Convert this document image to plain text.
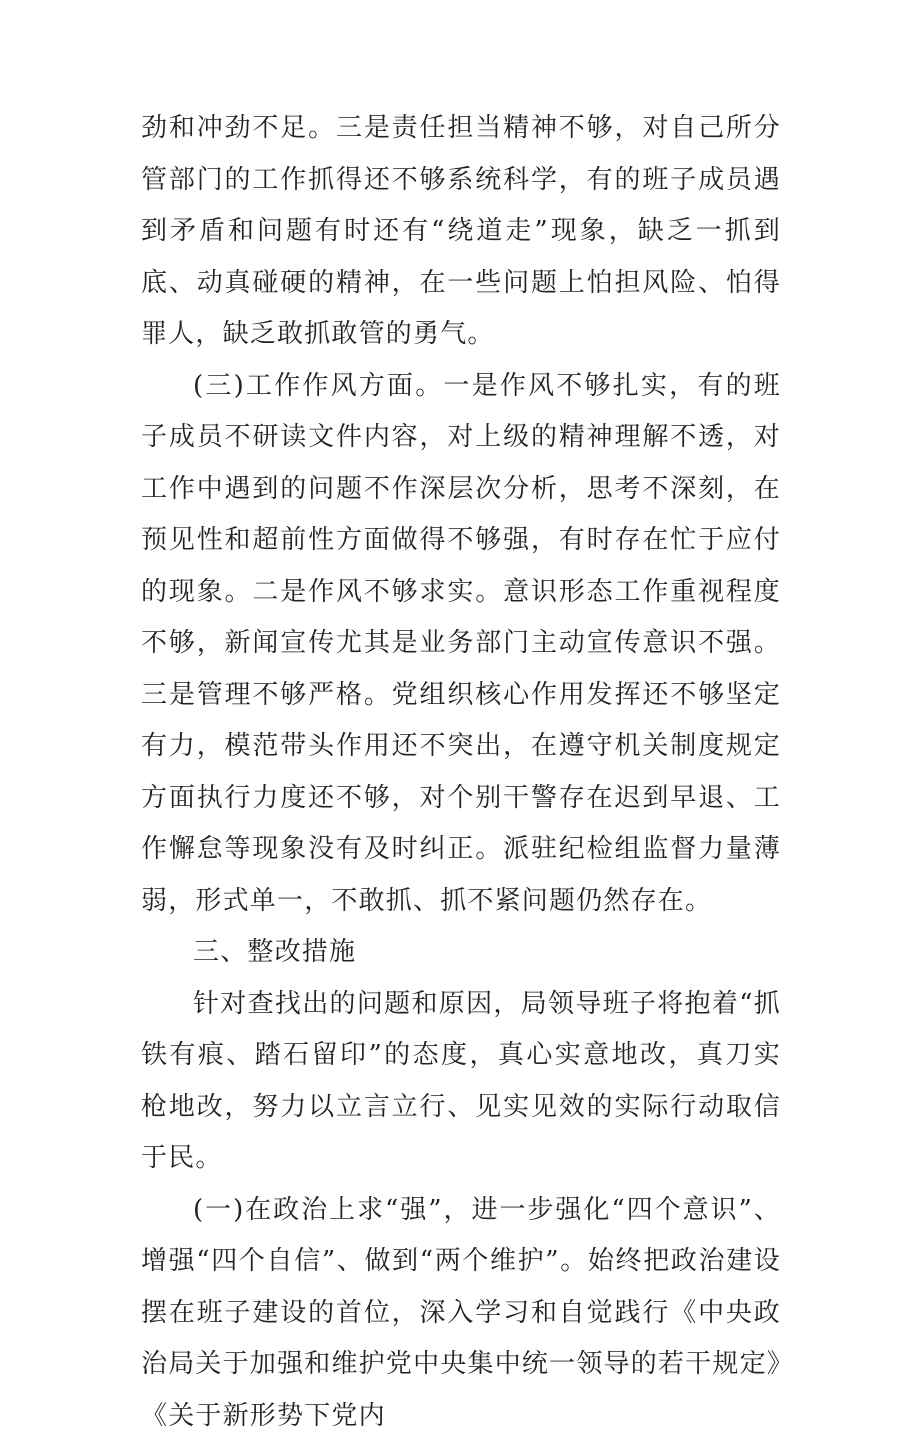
劲和冲劲不足。三是责任担当精神不够，对自己所分管部门的工作抓得还不够系统科学，有的班子成员遇到矛盾和问题有时还有“绕道走”现象，缺乏一抓到底、动真碰硬的精神，在一些问题上怕担风险、怕得罪人，缺乏敢抓敢管的勇气。

(三)工作作风方面。一是作风不够扎实，有的班子成员不研读文件内容，对上级的精神理解不透，对工作中遇到的问题不作深层次分析，思考不深刻，在预见性和超前性方面做得不够强，有时存在忙于应付的现象。二是作风不够求实。意识形态工作重视程度不够，新闻宣传尤其是业务部门主动宣传意识不强。三是管理不够严格。党组织核心作用发挥还不够坚定有力，模范带头作用还不突出，在遵守机关制度规定方面执行力度还不够，对个别干警存在迟到早退、工作懈怠等现象没有及时纠正。派驻纪检组监督力量薄弱，形式单一，不敢抓、抓不紧问题仍然存在。

三、整改措施

针对查找出的问题和原因，局领导班子将抱着“抓铁有痕、踏石留印”的态度，真心实意地改，真刀实枪地改，努力以立言立行、见实见效的实际行动取信于民。

(一)在政治上求“强”，进一步强化“四个意识”、增强“四个自信”、做到“两个维护”。始终把政治建设摆在班子建设的首位，深入学习和自觉践行《中央政治局关于加强和维护党中央集中统一领导的若干规定》《关于新形势下党内
